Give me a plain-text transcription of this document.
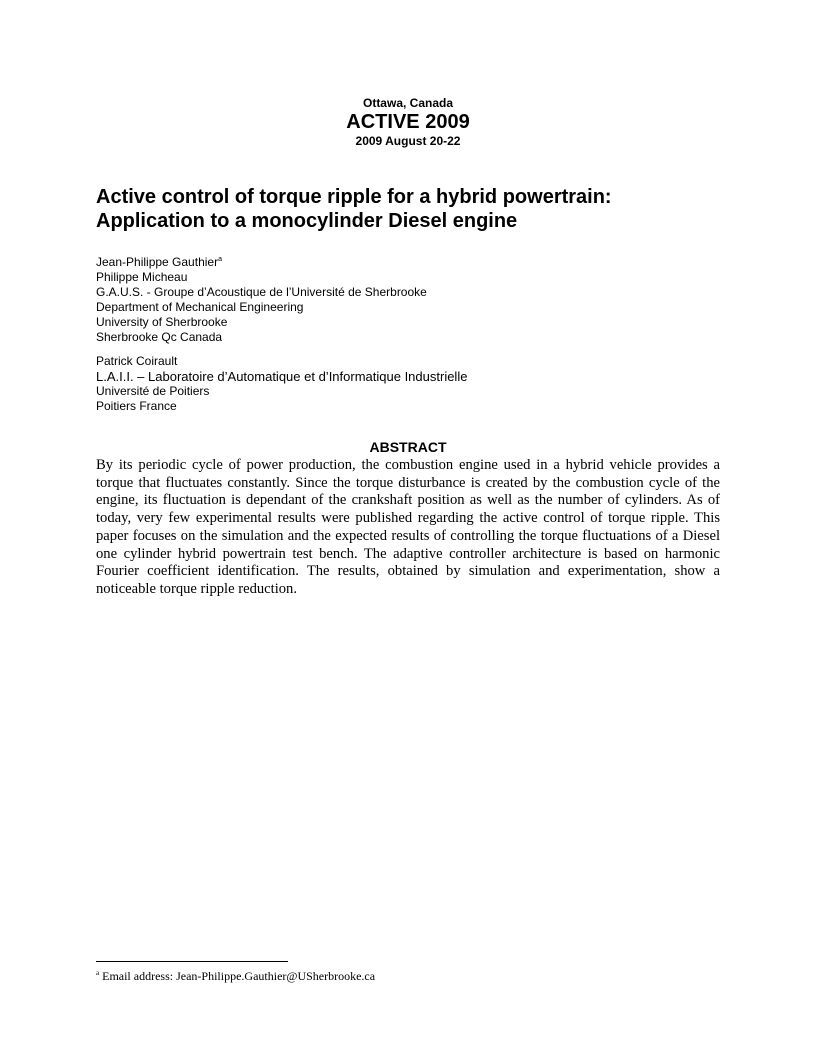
Ottawa, Canada
ACTIVE 2009
2009 August 20-22
Active control of torque ripple for a hybrid powertrain:
Application to a monocylinder Diesel engine
Jean-Philippe Gauthier$^a$
Philippe Micheau
G.A.U.S. - Groupe d’Acoustique de l’Université de Sherbrooke
Department of Mechanical Engineering
University of Sherbrooke
Sherbrooke Qc Canada
Patrick Coirault
L.A.I.I. – Laboratoire d’Automatique et d’Informatique Industrielle
Université de Poitiers
Poitiers France
ABSTRACT

By its periodic cycle of power production, the combustion engine used in a hybrid vehicle provides a torque that fluctuates constantly. Since the torque disturbance is created by the combustion cycle of the engine, its fluctuation is dependant of the crankshaft position as well as the number of cylinders. As of today, very few experimental results were published regarding the active control of torque ripple. This paper focuses on the simulation and the expected results of controlling the torque fluctuations of a Diesel one cylinder hybrid powertrain test bench. The adaptive controller architecture is based on harmonic Fourier coefficient identification. The results, obtained by simulation and experimentation, show a noticeable torque ripple reduction.

$^a$ Email address: Jean-Philippe.Gauthier@USherbrooke.ca
